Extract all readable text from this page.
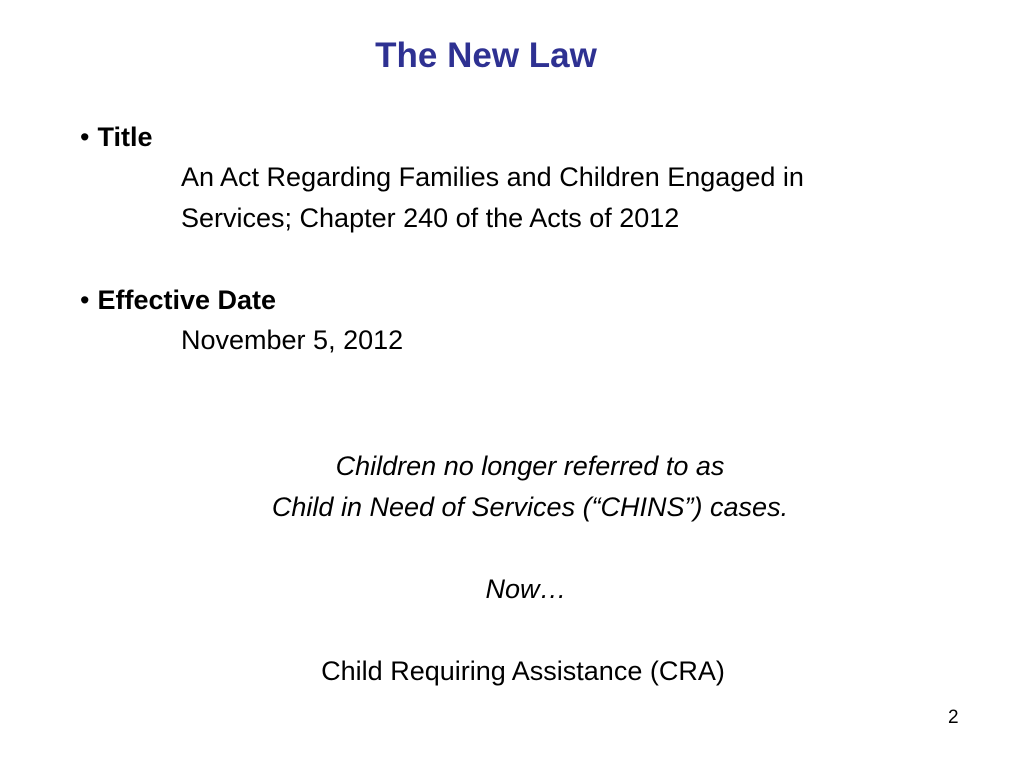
The New Law
• Title
An Act Regarding Families and Children Engaged in
Services; Chapter 240 of the Acts of 2012
• Effective Date
November 5, 2012
Children no longer referred to as
Child in Need of Services (“CHINS”) cases.
Now…
Child Requiring Assistance (CRA)
2
